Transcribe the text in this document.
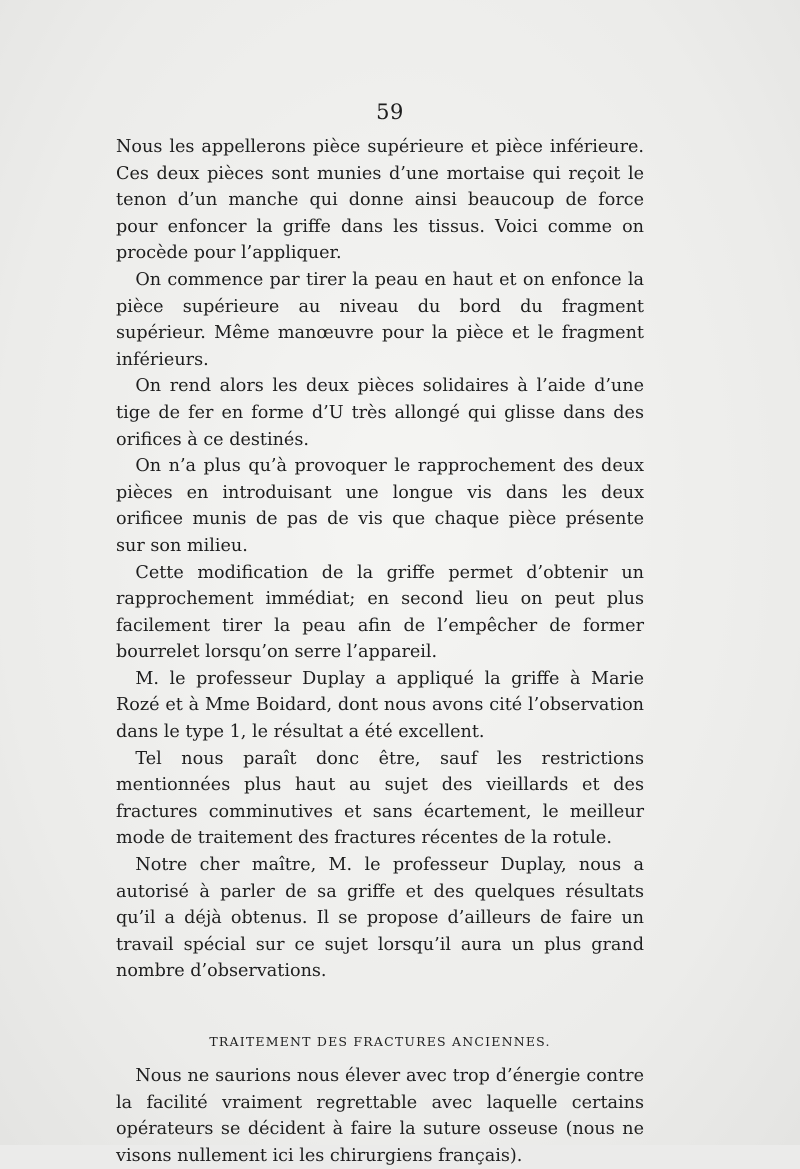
59

Nous les appellerons pièce supérieure et pièce inférieure. Ces deux pièces sont munies d’une mortaise qui reçoit le tenon d’un manche qui donne ainsi beaucoup de force pour enfoncer la griffe dans les tissus. Voici comme on procède pour l’appliquer.

On commence par tirer la peau en haut et on enfonce la pièce supérieure au niveau du bord du fragment supérieur. Même manœuvre pour la pièce et le fragment inférieurs.

On rend alors les deux pièces solidaires à l’aide d’une tige de fer en forme d’U très allongé qui glisse dans des orifices à ce destinés.

On n’a plus qu’à provoquer le rapprochement des deux pièces en introduisant une longue vis dans les deux orificee munis de pas de vis que chaque pièce présente sur son milieu.

Cette modification de la griffe permet d’obtenir un rapprochement immédiat; en second lieu on peut plus facilement tirer la peau afin de l’empêcher de former bourrelet lorsqu’on serre l’appareil.

M. le professeur Duplay a appliqué la griffe à Marie Rozé et à Mme Boidard, dont nous avons cité l’observation dans le type 1, le résultat a été excellent.

Tel nous paraît donc être, sauf les restrictions mentionnées plus haut au sujet des vieillards et des fractures comminutives et sans écartement, le meilleur mode de traitement des fractures récentes de la rotule.

Notre cher maître, M. le professeur Duplay, nous a autorisé à parler de sa griffe et des quelques résultats qu’il a déjà obtenus. Il se propose d’ailleurs de faire un travail spécial sur ce sujet lorsqu’il aura un plus grand nombre d’observations.

TRAITEMENT DES FRACTURES ANCIENNES.

Nous ne saurions nous élever avec trop d’énergie contre la facilité vraiment regrettable avec laquelle certains opérateurs se décident à faire la suture osseuse (nous ne visons nullement ici les chirurgiens français).
